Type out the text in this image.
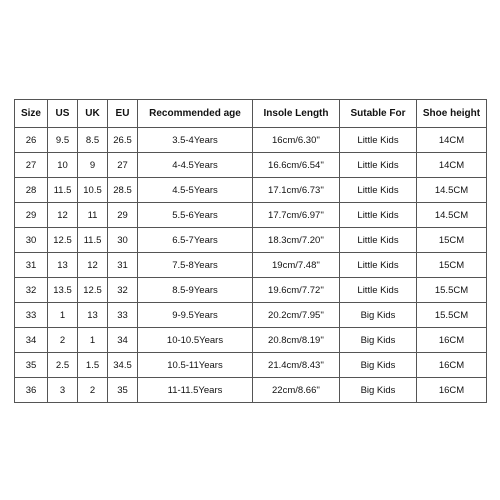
Size	US	UK	EU	Recommended age	Insole Length	Sutable For	Shoe height
26	9.5	8.5	26.5	3.5-4Years	16cm/6.30''	Little Kids	14CM
27	10	9	27	4-4.5Years	16.6cm/6.54''	Little Kids	14CM
28	11.5	10.5	28.5	4.5-5Years	17.1cm/6.73''	Little Kids	14.5CM
29	12	11	29	5.5-6Years	17.7cm/6.97''	Little Kids	14.5CM
30	12.5	11.5	30	6.5-7Years	18.3cm/7.20''	Little Kids	15CM
31	13	12	31	7.5-8Years	19cm/7.48''	Little Kids	15CM
32	13.5	12.5	32	8.5-9Years	19.6cm/7.72''	Little Kids	15.5CM
33	1	13	33	9-9.5Years	20.2cm/7.95''	Big Kids	15.5CM
34	2	1	34	10-10.5Years	20.8cm/8.19''	Big Kids	16CM
35	2.5	1.5	34.5	10.5-11Years	21.4cm/8.43''	Big Kids	16CM
36	3	2	35	11-11.5Years	22cm/8.66''	Big Kids	16CM
